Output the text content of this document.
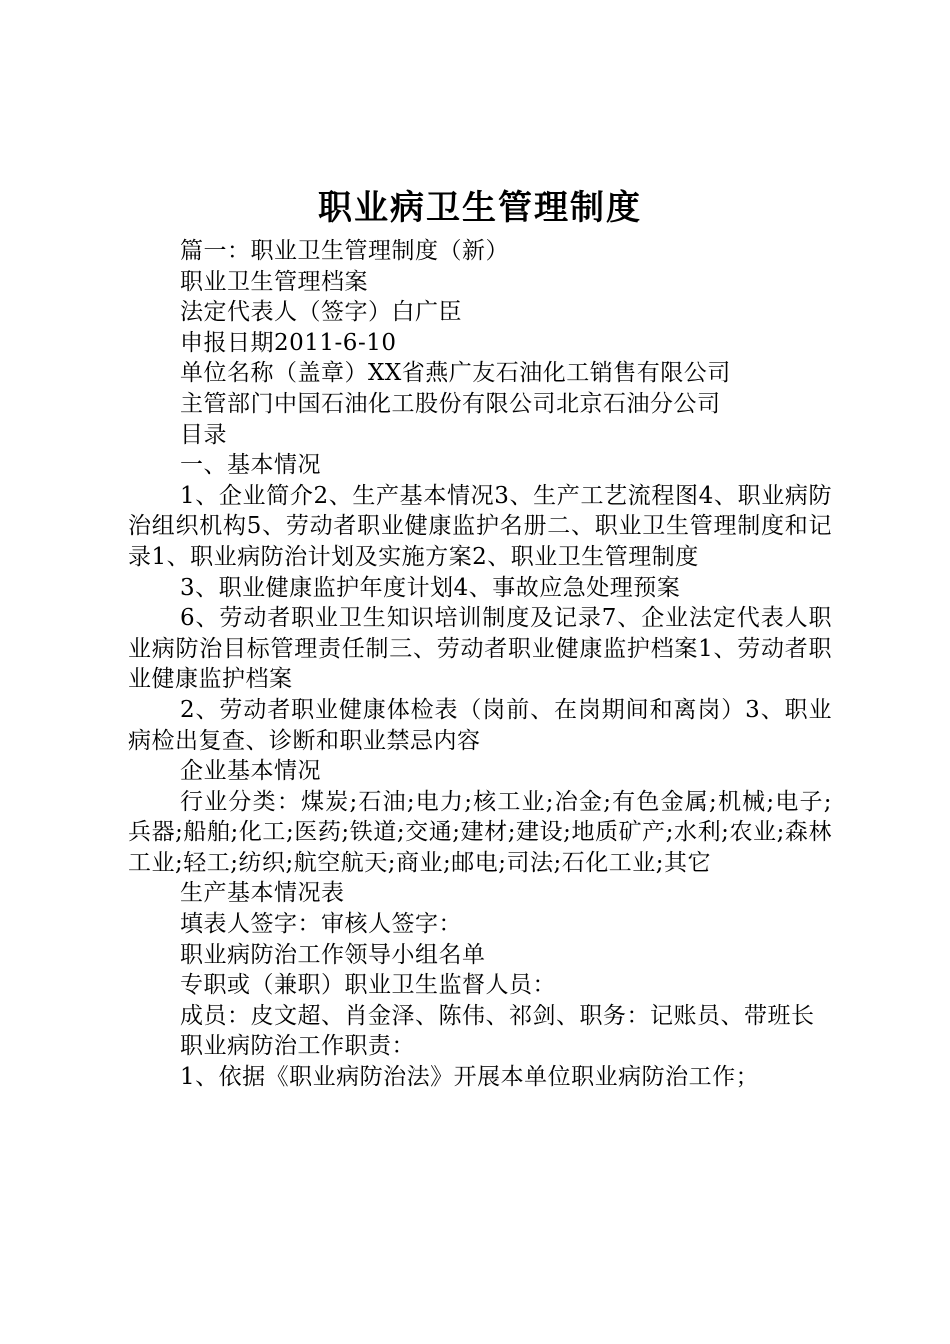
职业病卫生管理制度

篇一：职业卫生管理制度（新）

职业卫生管理档案

法定代表人（签字）白广臣

申报日期2011-6-10

单位名称（盖章）XX省燕广友石油化工销售有限公司

主管部门中国石油化工股份有限公司北京石油分公司

目录

一、基本情况

1、企业简介2、生产基本情况3、生产工艺流程图4、职业病防治组织机构5、劳动者职业健康监护名册二、职业卫生管理制度和记录1、职业病防治计划及实施方案2、职业卫生管理制度

3、职业健康监护年度计划4、事故应急处理预案

6、劳动者职业卫生知识培训制度及记录7、企业法定代表人职业病防治目标管理责任制三、劳动者职业健康监护档案1、劳动者职业健康监护档案

2、劳动者职业健康体检表（岗前、在岗期间和离岗）3、职业病检出复查、诊断和职业禁忌内容

企业基本情况

行业分类：煤炭;石油;电力;核工业;冶金;有色金属;机械;电子;兵器;船舶;化工;医药;铁道;交通;建材;建设;地质矿产;水利;农业;森林工业;轻工;纺织;航空航天;商业;邮电;司法;石化工业;其它

生产基本情况表

填表人签字：审核人签字：

职业病防治工作领导小组名单

专职或（兼职）职业卫生监督人员：

成员：皮文超、肖金泽、陈伟、祁剑、职务：记账员、带班长

职业病防治工作职责：

1、依据《职业病防治法》开展本单位职业病防治工作；
